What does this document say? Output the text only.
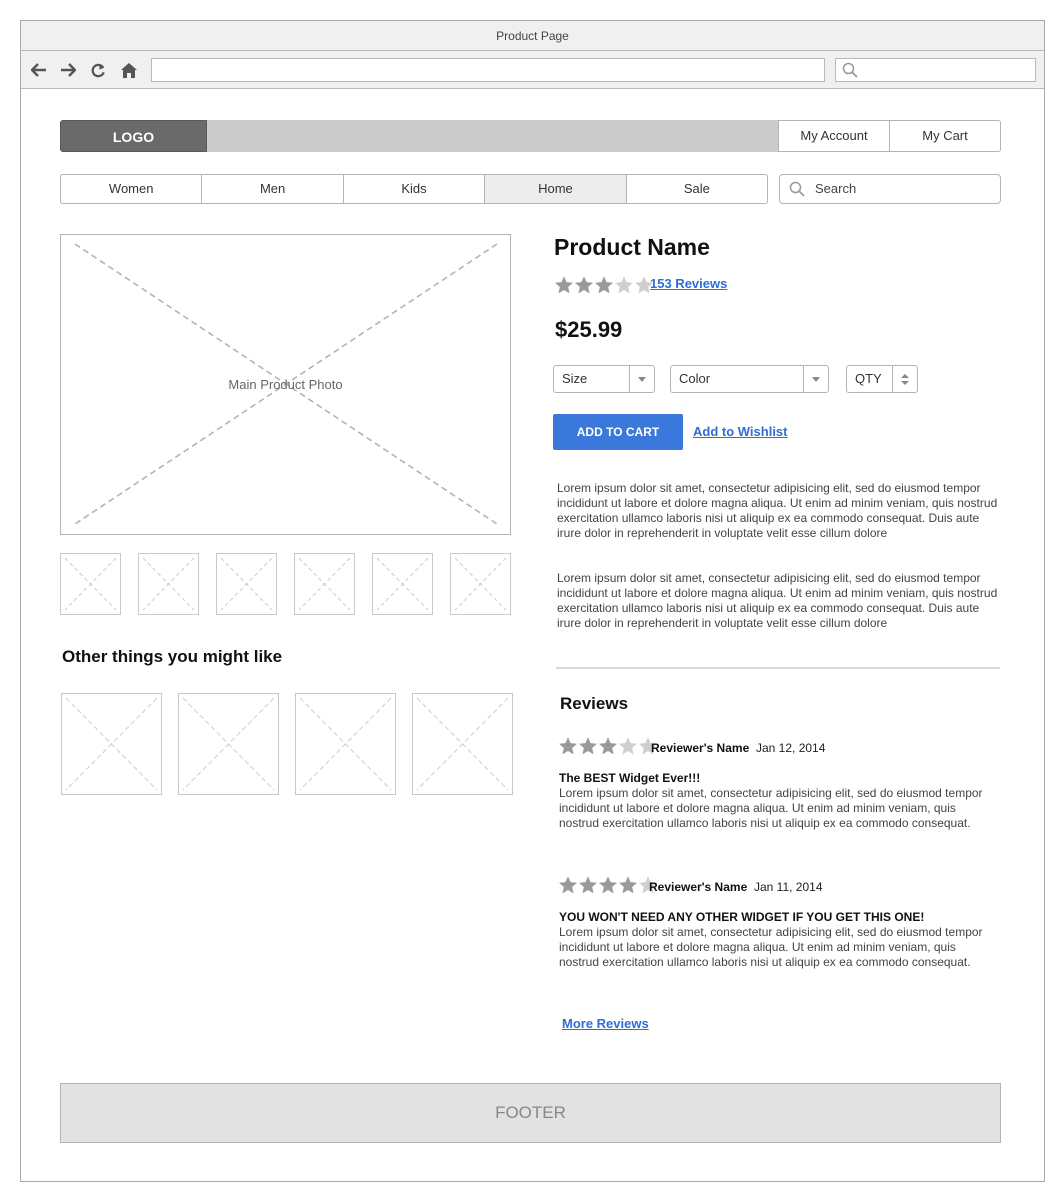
Product Page
LOGO	My Account	My Cart
Women	Men	Kids	Home	Sale	Search
Main Product Photo
Other things you might like
Product Name
153 Reviews
$25.99
Size	Color	QTY
ADD TO CART	Add to Wishlist
Lorem ipsum dolor sit amet, consectetur adipisicing elit, sed do eiusmod tempor incididunt ut labore et dolore magna aliqua. Ut enim ad minim veniam, quis nostrud exercitation ullamco laboris nisi ut aliquip ex ea commodo consequat. Duis aute irure dolor in reprehenderit in voluptate velit esse cillum dolore
Lorem ipsum dolor sit amet, consectetur adipisicing elit, sed do eiusmod tempor incididunt ut labore et dolore magna aliqua. Ut enim ad minim veniam, quis nostrud exercitation ullamco laboris nisi ut aliquip ex ea commodo consequat. Duis aute irure dolor in reprehenderit in voluptate velit esse cillum dolore
Reviews
Reviewer's Name Jan 12, 2014
The BEST Widget Ever!!!
Lorem ipsum dolor sit amet, consectetur adipisicing elit, sed do eiusmod tempor incididunt ut labore et dolore magna aliqua. Ut enim ad minim veniam, quis nostrud exercitation ullamco laboris nisi ut aliquip ex ea commodo consequat.
Reviewer's Name Jan 11, 2014
YOU WON'T NEED ANY OTHER WIDGET IF YOU GET THIS ONE!
Lorem ipsum dolor sit amet, consectetur adipisicing elit, sed do eiusmod tempor incididunt ut labore et dolore magna aliqua. Ut enim ad minim veniam, quis nostrud exercitation ullamco laboris nisi ut aliquip ex ea commodo consequat.
More Reviews
FOOTER
